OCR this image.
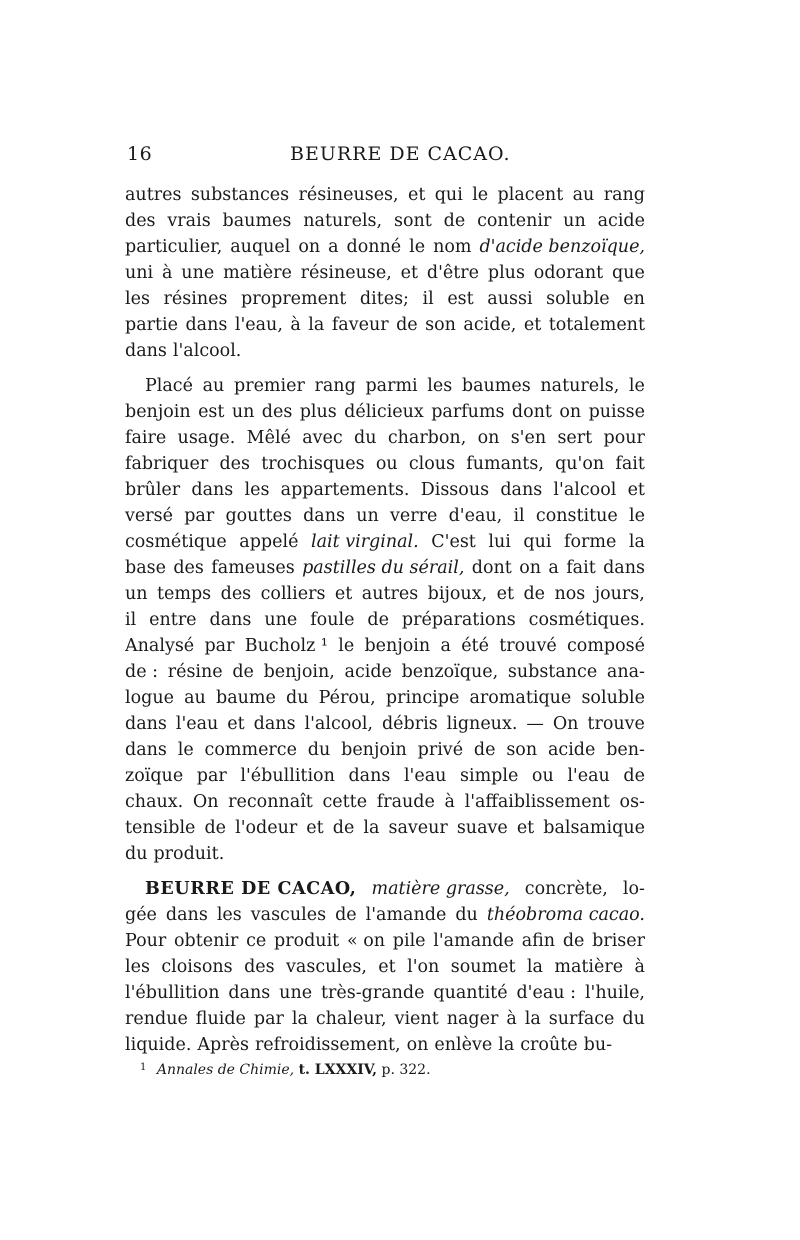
16	BEURRE DE CACAO.
autres substances résineuses, et qui le placent au rang
des vrais baumes naturels, sont de contenir un acide
particulier, auquel on a donné le nom d'acide benzoïque,
uni à une matière résineuse, et d'être plus odorant que
les résines proprement dites; il est aussi soluble en
partie dans l'eau, à la faveur de son acide, et totalement
dans l'alcool.
Placé au premier rang parmi les baumes naturels, le
benjoin est un des plus délicieux parfums dont on puisse
faire usage. Mêlé avec du charbon, on s'en sert pour
fabriquer des trochisques ou clous fumants, qu'on fait
brûler dans les appartements. Dissous dans l'alcool et
versé par gouttes dans un verre d'eau, il constitue le
cosmétique appelé lait virginal. C'est lui qui forme la
base des fameuses pastilles du sérail, dont on a fait dans
un temps des colliers et autres bijoux, et de nos jours,
il entre dans une foule de préparations cosmétiques.
Analysé par Bucholz ¹ le benjoin a été trouvé composé
de : résine de benjoin, acide benzoïque, substance ana-
logue au baume du Pérou, principe aromatique soluble
dans l'eau et dans l'alcool, débris ligneux. — On trouve
dans le commerce du benjoin privé de son acide ben-
zoïque par l'ébullition dans l'eau simple ou l'eau de
chaux. On reconnaît cette fraude à l'affaiblissement os-
tensible de l'odeur et de la saveur suave et balsamique
du produit.
BEURRE DE CACAO, matière grasse, concrète, lo-
gée dans les vascules de l'amande du théobroma cacao.
Pour obtenir ce produit « on pile l'amande afin de briser
les cloisons des vascules, et l'on soumet la matière à
l'ébullition dans une très-grande quantité d'eau : l'huile,
rendue fluide par la chaleur, vient nager à la surface du
liquide. Après refroidissement, on enlève la croûte bu-
$^1$ Annales de Chimie, t. LXXXIV, p. 322.
